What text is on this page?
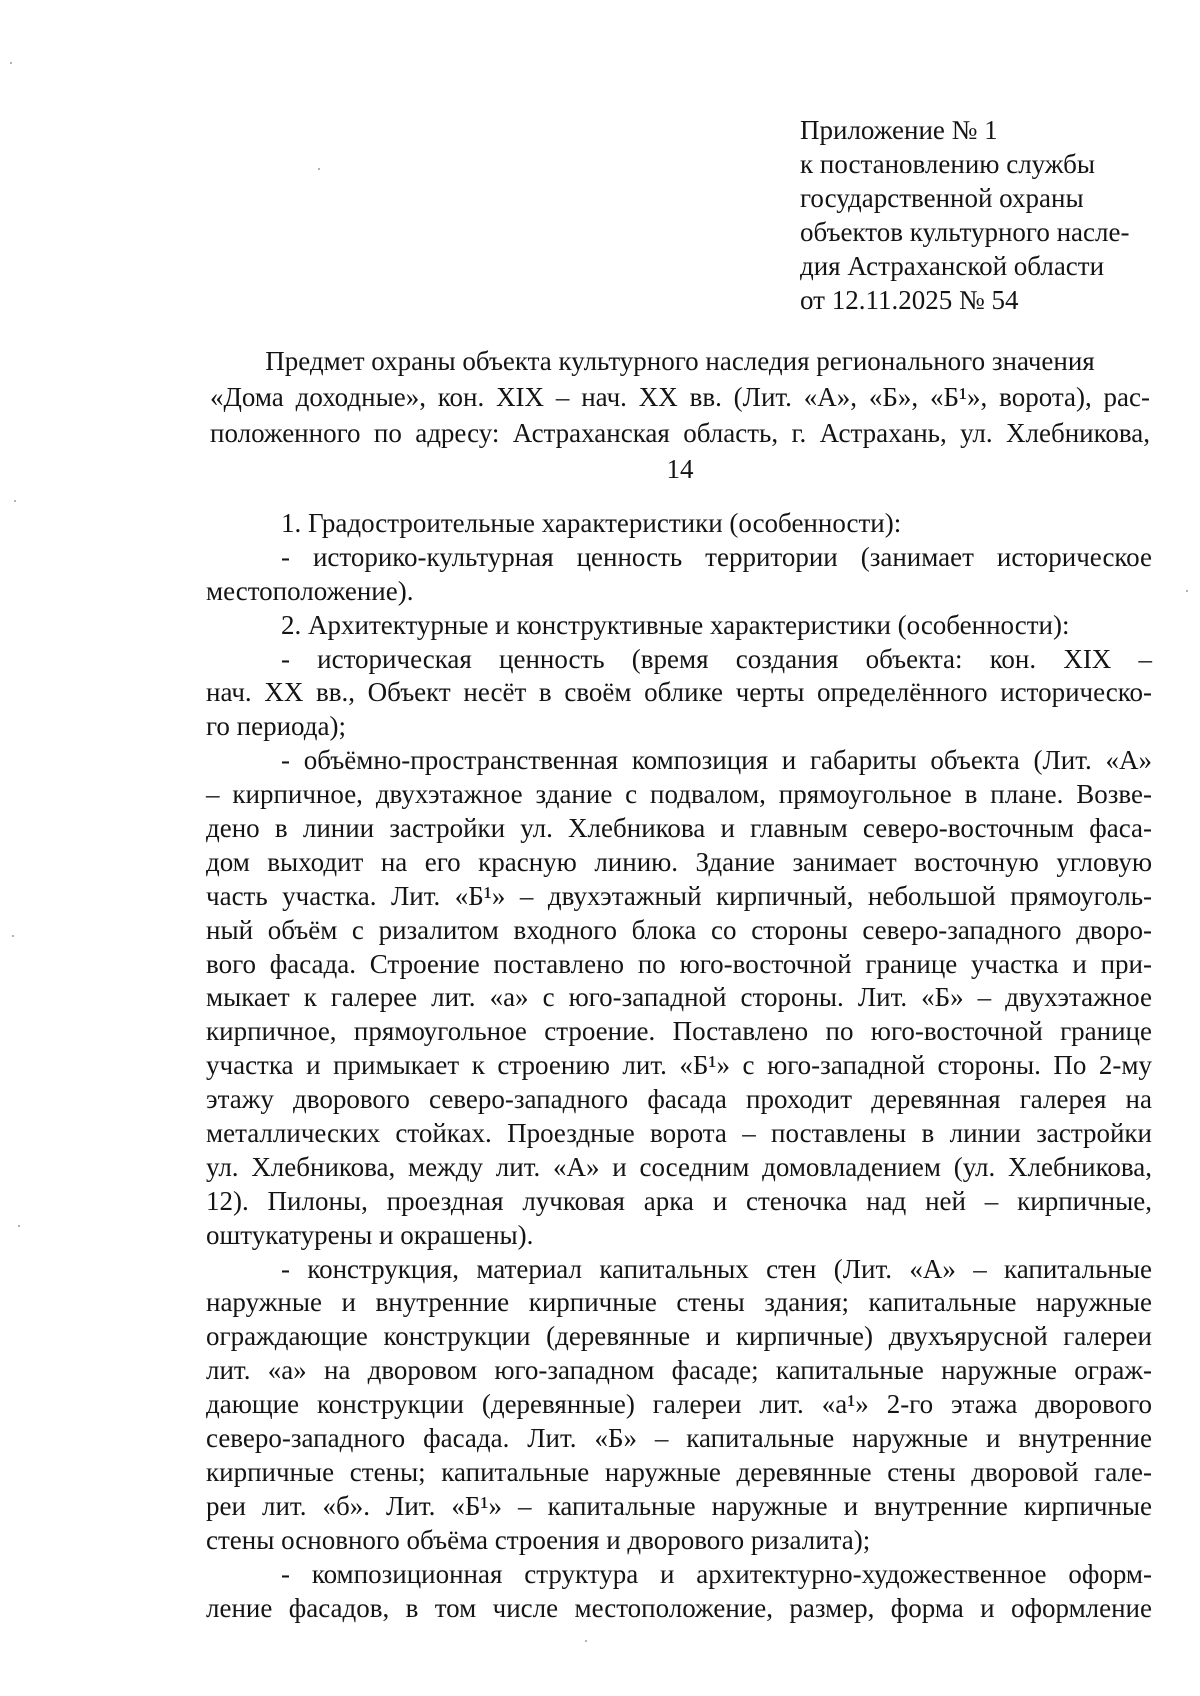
Приложение № 1
к постановлению службы
государственной охраны
объектов культурного насле-
дия Астраханской области
от 12.11.2025 № 54
Предмет охраны объекта культурного наследия регионального значения
«Дома доходные», кон. XIX – нач. XX вв. (Лит. «А», «Б», «Б¹», ворота), рас-
положенного по адресу: Астраханская область, г. Астрахань, ул. Хлебникова,
14
1. Градостроительные характеристики (особенности):
- историко-культурная ценность территории (занимает историческое
местоположение).
2. Архитектурные и конструктивные характеристики (особенности):
- историческая ценность (время создания объекта: кон. XIX –
нач. XX вв., Объект несёт в своём облике черты определённого историческо-
го периода);
- объёмно-пространственная композиция и габариты объекта (Лит. «А»
– кирпичное, двухэтажное здание с подвалом, прямоугольное в плане. Возве-
дено в линии застройки ул. Хлебникова и главным северо-восточным фаса-
дом выходит на его красную линию. Здание занимает восточную угловую
часть участка. Лит. «Б¹» – двухэтажный кирпичный, небольшой прямоуголь-
ный объём с ризалитом входного блока со стороны северо-западного дворо-
вого фасада. Строение поставлено по юго-восточной границе участка и при-
мыкает к галерее лит. «а» с юго-западной стороны. Лит. «Б» – двухэтажное
кирпичное, прямоугольное строение. Поставлено по юго-восточной границе
участка и примыкает к строению лит. «Б¹» с юго-западной стороны. По 2-му
этажу дворового северо-западного фасада проходит деревянная галерея на
металлических стойках. Проездные ворота – поставлены в линии застройки
ул. Хлебникова, между лит. «А» и соседним домовладением (ул. Хлебникова,
12). Пилоны, проездная лучковая арка и стеночка над ней – кирпичные,
оштукатурены и окрашены).
- конструкция, материал капитальных стен (Лит. «А» – капитальные
наружные и внутренние кирпичные стены здания; капитальные наружные
ограждающие конструкции (деревянные и кирпичные) двухъярусной галереи
лит. «а» на дворовом юго-западном фасаде; капитальные наружные ограж-
дающие конструкции (деревянные) галереи лит. «а¹» 2-го этажа дворового
северо-западного фасада. Лит. «Б» – капитальные наружные и внутренние
кирпичные стены; капитальные наружные деревянные стены дворовой гале-
реи лит. «б». Лит. «Б¹» – капитальные наружные и внутренние кирпичные
стены основного объёма строения и дворового ризалита);
- композиционная структура и архитектурно-художественное оформ-
ление фасадов, в том числе местоположение, размер, форма и оформление
